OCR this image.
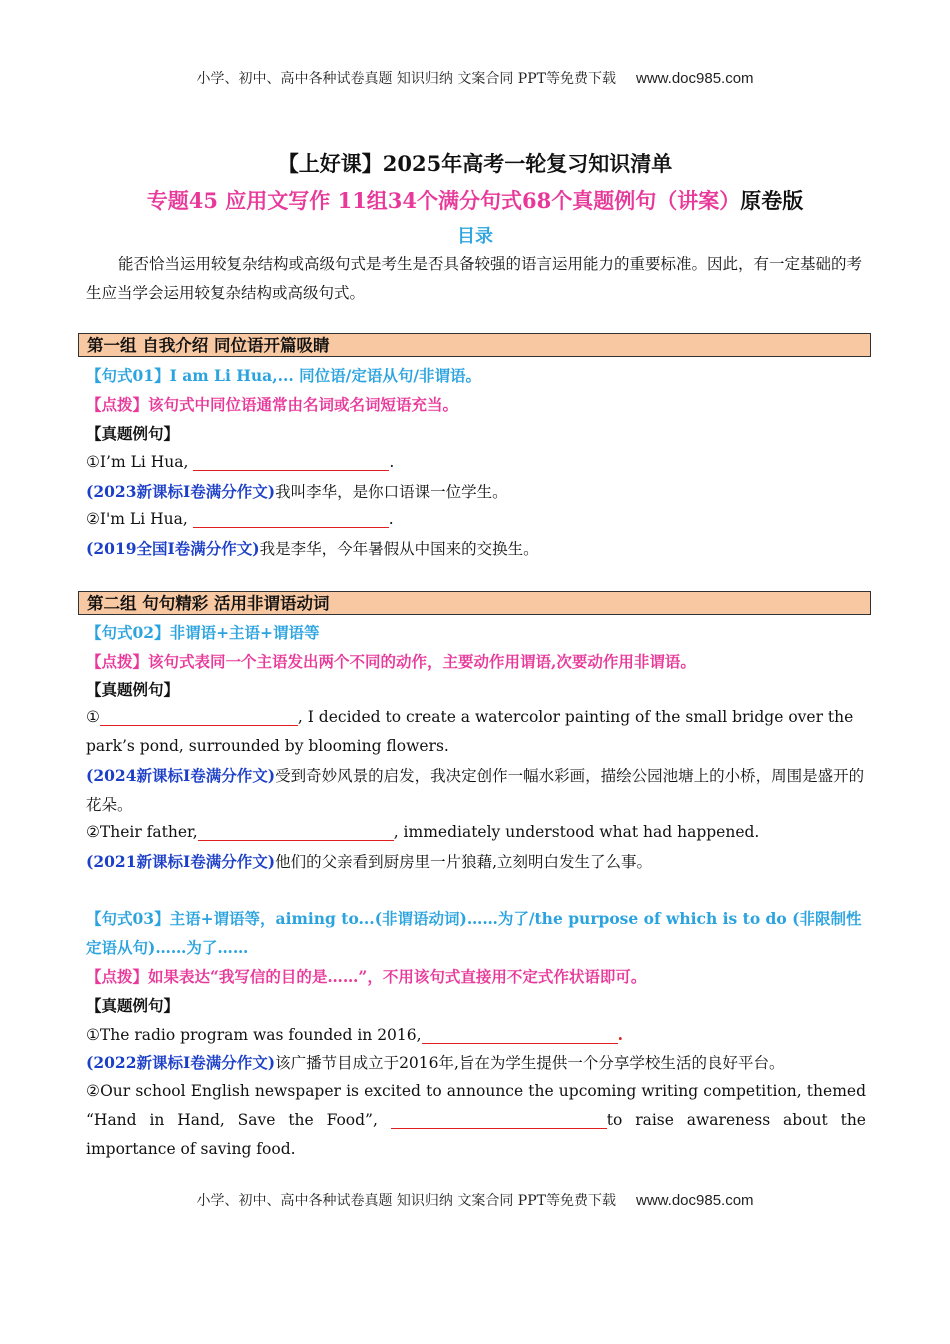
小学、初中、高中各种试卷真题 知识归纳 文案合同 PPT等免费下载 www.doc985.com
【上好课】2025年高考一轮复习知识清单
专题45 应用文写作 11组34个满分句式68个真题例句（讲案）原卷版
目录
能否恰当运用较复杂结构或高级句式是考生是否具备较强的语言运用能力的重要标准。因此，有一定基础的考生应当学会运用较复杂结构或高级句式。
第一组 自我介绍 同位语开篇吸睛
【句式01】I am Li Hua,... 同位语/定语从句/非谓语。
【点拨】该句式中同位语通常由名词或名词短语充当。
【真题例句】
①I’m Li Hua,	.
(2023新课标I卷满分作文)我叫李华，是你口语课一位学生。
②I'm Li Hua,	.
(2019全国I卷满分作文)我是李华，今年暑假从中国来的交换生。
第二组 句句精彩 活用非谓语动词
【句式02】非谓语+主语+谓语等
【点拨】该句式表同一个主语发出两个不同的动作，主要动作用谓语,次要动作用非谓语。
【真题例句】
①	, I decided to create a watercolor painting of the small bridge over the park’s pond, surrounded by blooming flowers.
(2024新课标I卷满分作文)受到奇妙风景的启发，我决定创作一幅水彩画，描绘公园池塘上的小桥，周围是盛开的花朵。
②Their father,	, immediately understood what had happened.
(2021新课标I卷满分作文)他们的父亲看到厨房里一片狼藉,立刻明白发生了么事。
【句式03】主语+谓语等，aiming to...(非谓语动词)……为了/the purpose of which is to do (非限制性定语从句)……为了……
【点拨】如果表达“我写信的目的是……”，不用该句式直接用不定式作状语即可。
【真题例句】
①The radio program was founded in 2016,	.
(2022新课标I卷满分作文)该广播节目成立于2016年,旨在为学生提供一个分享学校生活的良好平台。
②Our school English newspaper is excited to announce the upcoming writing competition, themed “Hand in Hand, Save the Food”,	to raise awareness about the importance of saving food.
小学、初中、高中各种试卷真题 知识归纳 文案合同 PPT等免费下载 www.doc985.com
